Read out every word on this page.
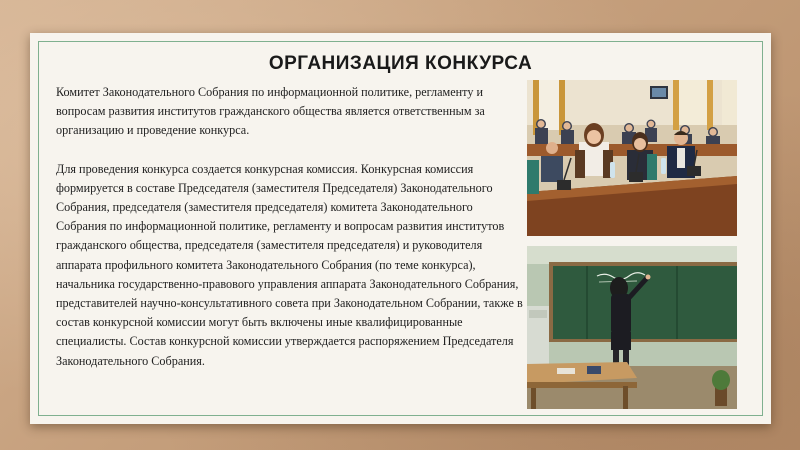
ОРГАНИЗАЦИЯ КОНКУРСА

Комитет Законодательного Собрания по информационной политике, регламенту и вопросам развития институтов гражданского общества является ответственным за организацию и проведение конкурса.

Для проведения конкурса создается конкурсная комиссия. Конкурсная комиссия формируется в составе Председателя (заместителя Председателя) Законодательного Собрания, председателя (заместителя председателя) комитета Законодательного Собрания по информационной политике, регламенту и вопросам развития институтов гражданского общества, председателя (заместителя председателя) и руководителя аппарата профильного комитета Законодательного Собрания (по теме конкурса), начальника государственно-правового управления аппарата Законодательного Собрания, представителей научно-консультативного совета при Законодательном Собрании, также в состав конкурсной комиссии могут быть включены иные квалифицированные специалисты. Состав конкурсной комиссии утверждается распоряжением Председателя Законодательного Собрания.
